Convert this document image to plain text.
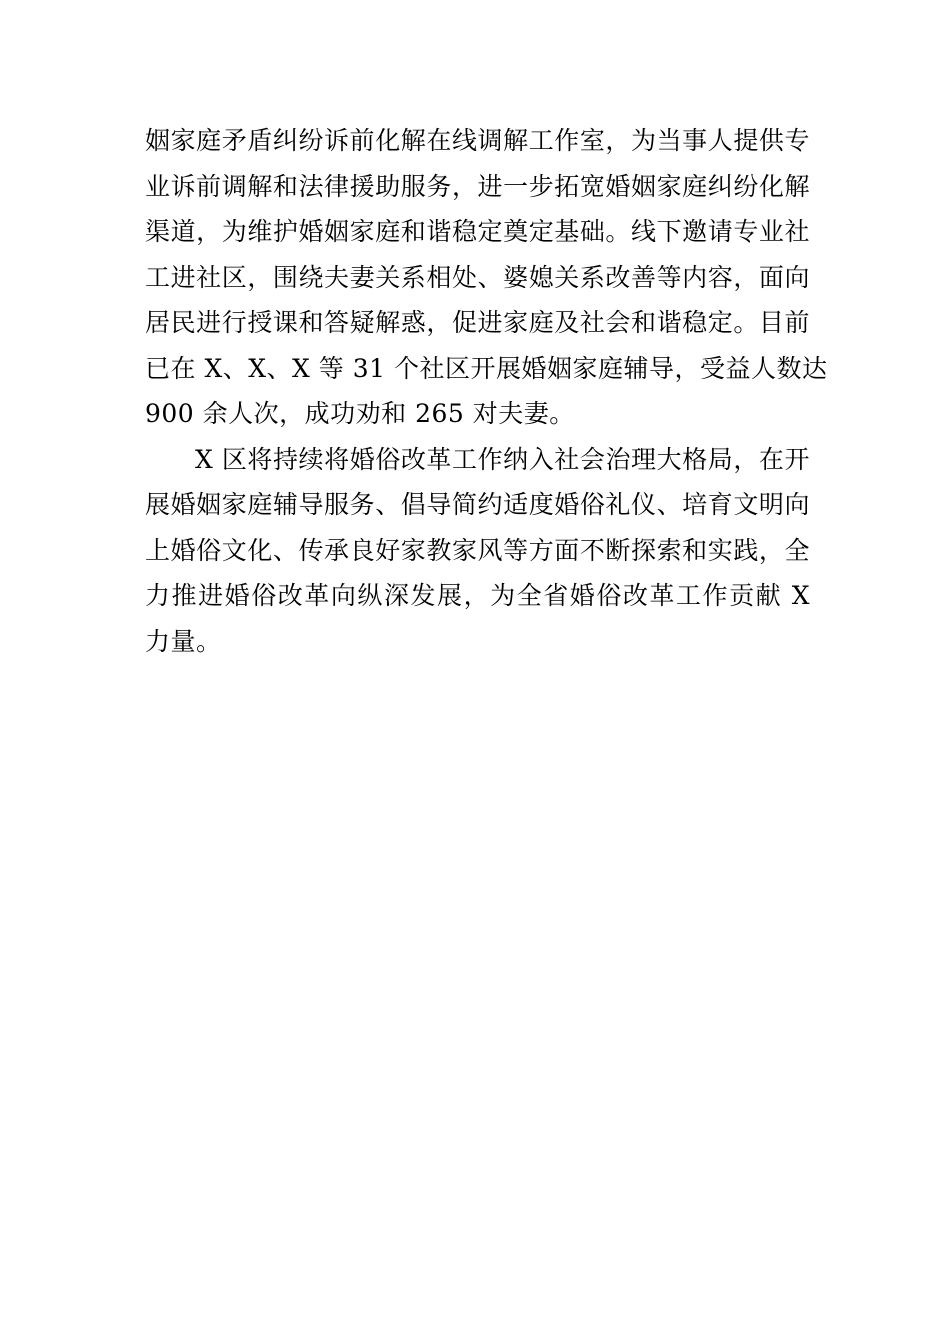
姻家庭矛盾纠纷诉前化解在线调解工作室，为当事人提供专
业诉前调解和法律援助服务，进一步拓宽婚姻家庭纠纷化解
渠道，为维护婚姻家庭和谐稳定奠定基础。线下邀请专业社
工进社区，围绕夫妻关系相处、婆媳关系改善等内容，面向
居民进行授课和答疑解惑，促进家庭及社会和谐稳定。目前
已在 X、X、X 等 31 个社区开展婚姻家庭辅导，受益人数达
900 余人次，成功劝和 265 对夫妻。
X 区将持续将婚俗改革工作纳入社会治理大格局，在开
展婚姻家庭辅导服务、倡导简约适度婚俗礼仪、培育文明向
上婚俗文化、传承良好家教家风等方面不断探索和实践，全
力推进婚俗改革向纵深发展，为全省婚俗改革工作贡献 X
力量。
